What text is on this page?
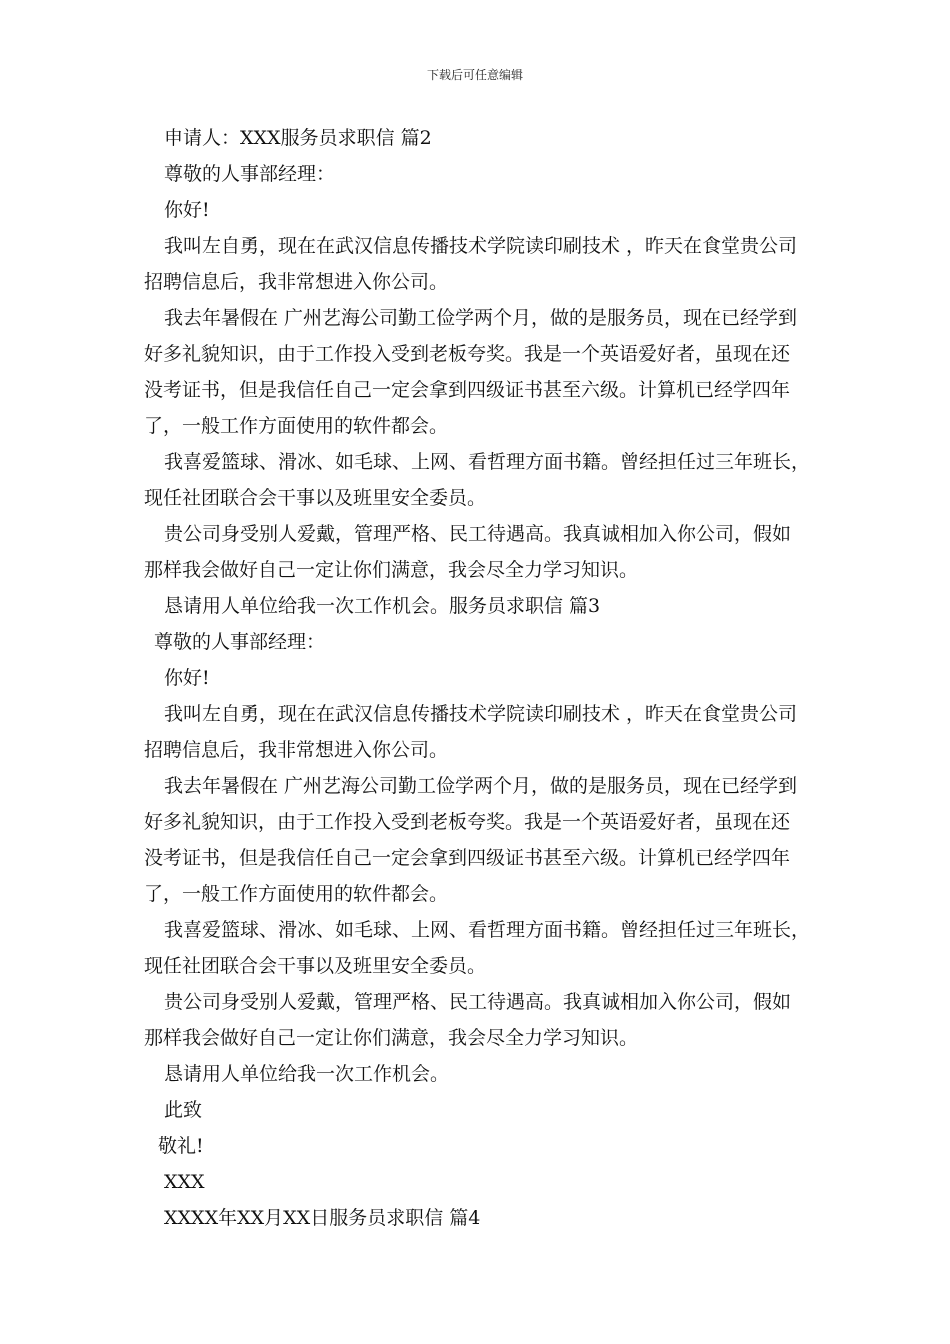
下载后可任意编辑
申请人：XXX服务员求职信 篇2
尊敬的人事部经理：
你好!
我叫左自勇，现在在武汉信息传播技术学院读印刷技术 ，昨天在食堂贵公司
招聘信息后，我非常想进入你公司。
我去年暑假在 广州艺海公司勤工俭学两个月，做的是服务员，现在已经学到
好多礼貌知识，由于工作投入受到老板夸奖。我是一个英语爱好者，虽现在还
没考证书，但是我信任自己一定会拿到四级证书甚至六级。计算机已经学四年
了，一般工作方面使用的软件都会。
我喜爱篮球、滑冰、如毛球、上网、看哲理方面书籍。曾经担任过三年班长，
现任社团联合会干事以及班里安全委员。
贵公司身受别人爱戴，管理严格、民工待遇高。我真诚相加入你公司，假如
那样我会做好自己一定让你们满意，我会尽全力学习知识。
恳请用人单位给我一次工作机会。服务员求职信 篇3
尊敬的人事部经理：
你好!
我叫左自勇，现在在武汉信息传播技术学院读印刷技术 ，昨天在食堂贵公司
招聘信息后，我非常想进入你公司。
我去年暑假在 广州艺海公司勤工俭学两个月，做的是服务员，现在已经学到
好多礼貌知识，由于工作投入受到老板夸奖。我是一个英语爱好者，虽现在还
没考证书，但是我信任自己一定会拿到四级证书甚至六级。计算机已经学四年
了，一般工作方面使用的软件都会。
我喜爱篮球、滑冰、如毛球、上网、看哲理方面书籍。曾经担任过三年班长，
现任社团联合会干事以及班里安全委员。
贵公司身受别人爱戴，管理严格、民工待遇高。我真诚相加入你公司，假如
那样我会做好自己一定让你们满意，我会尽全力学习知识。
恳请用人单位给我一次工作机会。
此致
敬礼!
XXX
XXXX年XX月XX日服务员求职信 篇4
